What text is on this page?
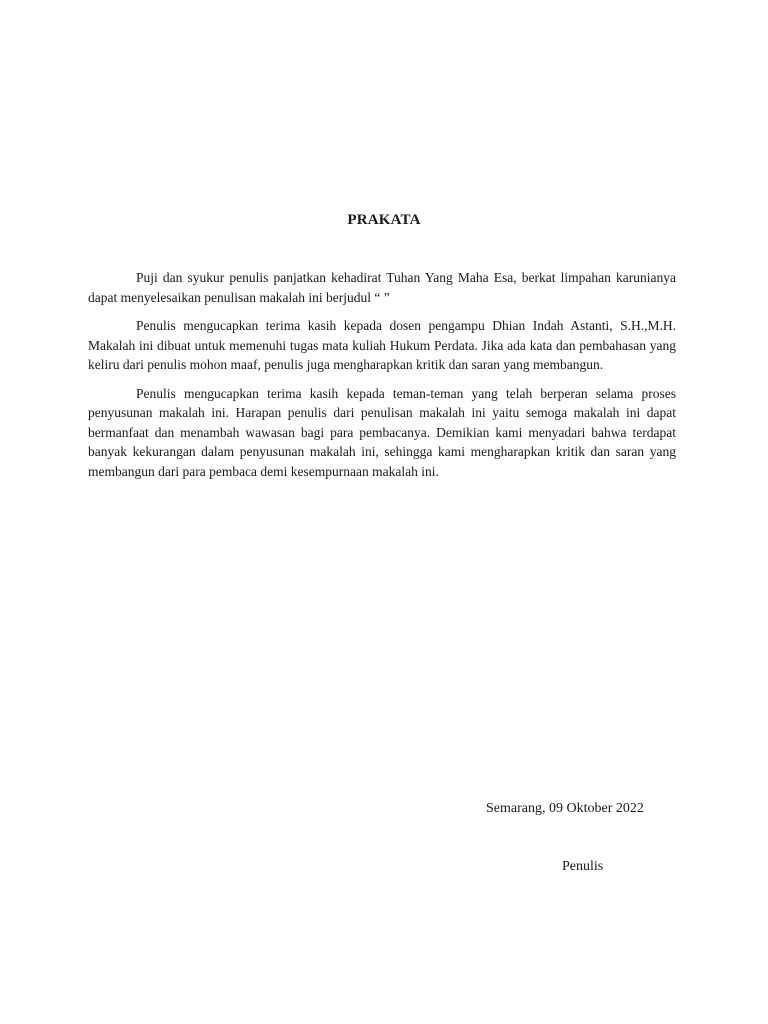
PRAKATA

Puji dan syukur penulis panjatkan kehadirat Tuhan Yang Maha Esa, berkat limpahan karunianya dapat menyelesaikan penulisan makalah ini berjudul “ ”

Penulis mengucapkan terima kasih kepada dosen pengampu Dhian Indah Astanti, S.H.,M.H. Makalah ini dibuat untuk memenuhi tugas mata kuliah Hukum Perdata. Jika ada kata dan pembahasan yang keliru dari penulis mohon maaf, penulis juga mengharapkan kritik dan saran yang membangun.

Penulis mengucapkan terima kasih kepada teman-teman yang telah berperan selama proses penyusunan makalah ini. Harapan penulis dari penulisan makalah ini yaitu semoga makalah ini dapat bermanfaat dan menambah wawasan bagi para pembacanya. Demikian kami menyadari bahwa terdapat banyak kekurangan dalam penyusunan makalah ini, sehingga kami mengharapkan kritik dan saran yang membangun dari para pembaca demi kesempurnaan makalah ini.

Semarang, 09 Oktober 2022
Penulis
